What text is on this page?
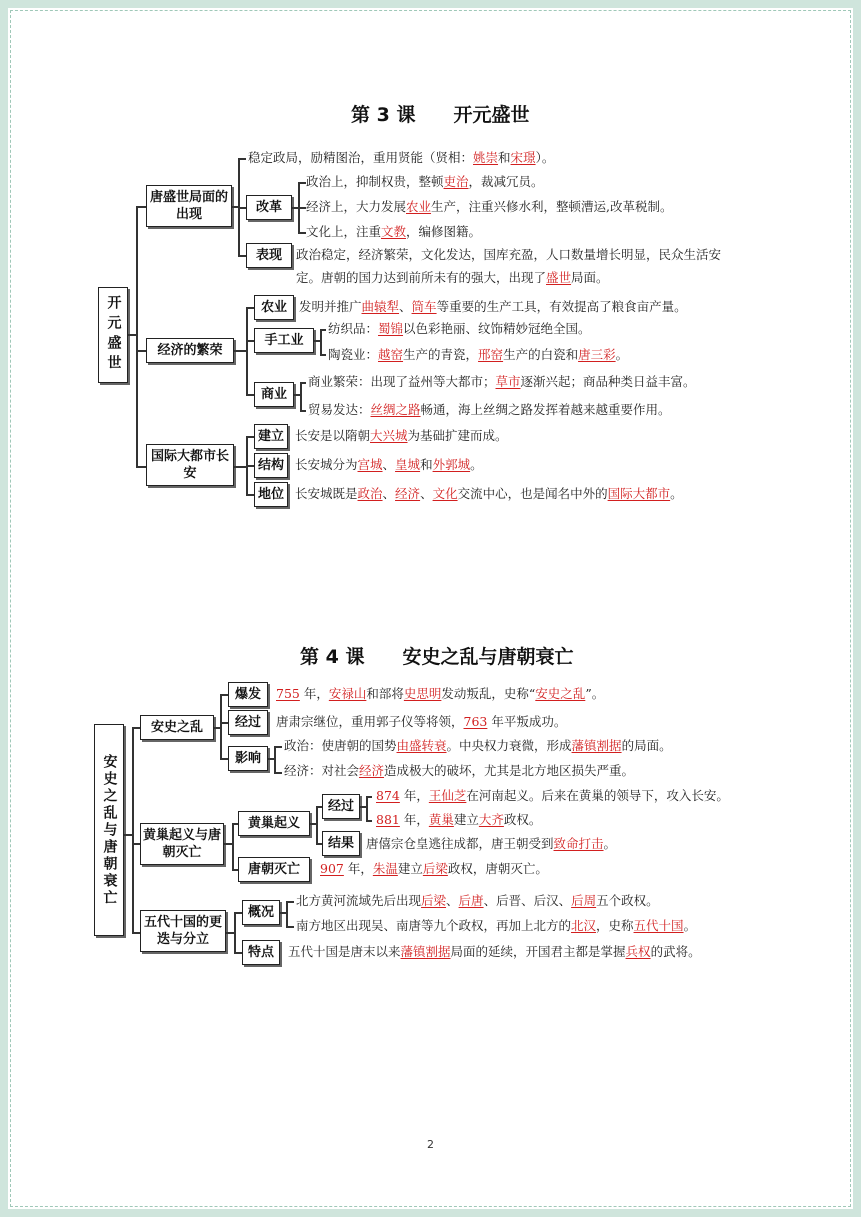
第 3 课　　开元盛世
开元盛世
唐盛世局面的出现
稳定政局，励精图治，重用贤能（贤相：姚崇和宋璟）。
改革
政治上，抑制权贵，整顿吏治，裁减冗员。
经济上，大力发展农业生产，注重兴修水利，整顿漕运,改革税制。
文化上，注重文教，编修图籍。
表现	政治稳定，经济繁荣，文化发达，国库充盈，人口数量增长明显，民众生活安
定。唐朝的国力达到前所未有的强大，出现了盛世局面。
经济的繁荣
农业 发明并推广曲辕犁、筒车等重要的生产工具，有效提高了粮食亩产量。
手工业
纺织品：蜀锦以色彩艳丽、纹饰精妙冠绝全国。
陶瓷业：越窑生产的青瓷，邢窑生产的白瓷和唐三彩。
商业
商业繁荣：出现了益州等大都市；草市逐渐兴起；商品种类日益丰富。
贸易发达：丝绸之路畅通，海上丝绸之路发挥着越来越重要作用。
国际大都市长安
建立 长安是以隋朝大兴城为基础扩建而成。
结构 长安城分为宫城、皇城和外郭城。
地位 长安城既是政治、经济、文化交流中心，也是闻名中外的国际大都市。
第 4 课　　安史之乱与唐朝衰亡
安史之乱与唐朝衰亡
安史之乱
爆发	755 年，安禄山和部将史思明发动叛乱，史称“安史之乱”。
经过	唐肃宗继位，重用郭子仪等将领，763 年平叛成功。
影响
政治：使唐朝的国势由盛转衰。中央权力衰微，形成藩镇割据的局面。
经济：对社会经济造成极大的破坏，尤其是北方地区损失严重。
黄巢起义与唐朝灭亡
黄巢起义
经过
874 年，王仙芝在河南起义。后来在黄巢的领导下，攻入长安。
881 年，黄巢建立大齐政权。
结果 唐僖宗仓皇逃往成都，唐王朝受到致命打击。
唐朝灭亡	907 年，朱温建立后梁政权，唐朝灭亡。
五代十国的更迭与分立
概况
北方黄河流域先后出现后梁、后唐、后晋、后汉、后周五个政权。
南方地区出现吴、南唐等九个政权，再加上北方的北汉，史称五代十国。
特点	五代十国是唐末以来藩镇割据局面的延续，开国君主都是掌握兵权的武将。
2
